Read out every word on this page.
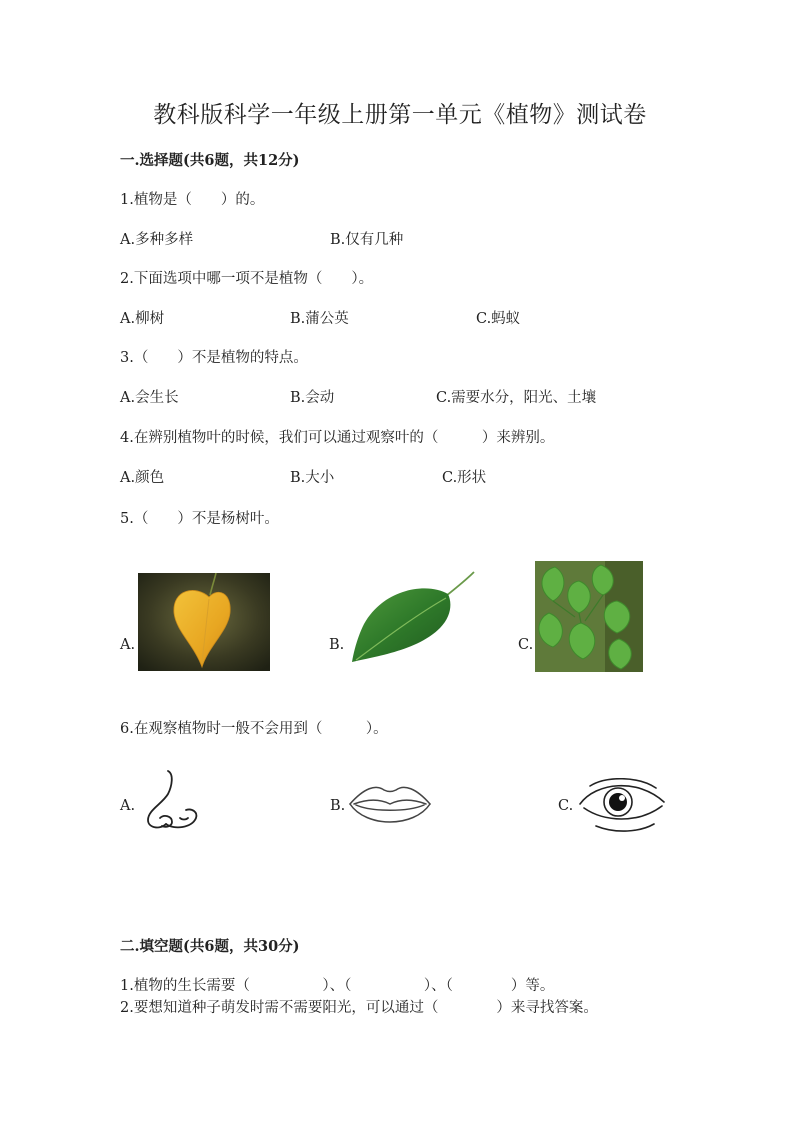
教科版科学一年级上册第一单元《植物》测试卷
一.选择题(共6题，共12分)
1.植物是（　　）的。
A.多种多样	B.仅有几种
2.下面选项中哪一项不是植物（　　）。
A.柳树	B.蒲公英	C.蚂蚁
3.（　　）不是植物的特点。
A.会生长	B.会动	C.需要水分，阳光、土壤
4.在辨别植物叶的时候，我们可以通过观察叶的（　　　）来辨别。
A.颜色	B.大小	C.形状
5.（　　）不是杨树叶。
A.	B.	C.
6.在观察植物时一般不会用到（　　　）。
A.	B.	C.
二.填空题(共6题，共30分)
1.植物的生长需要（　　　　　）、（　　　　　）、（　　　　）等。
2.要想知道种子萌发时需不需要阳光，可以通过（　　　　）来寻找答案。
